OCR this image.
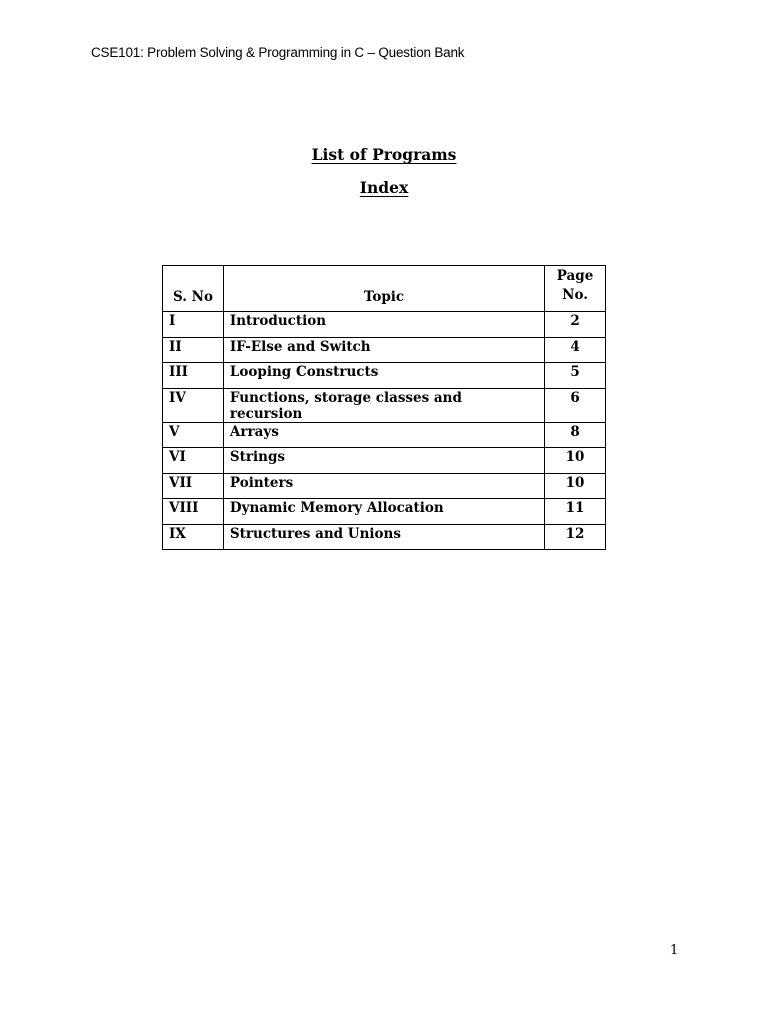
CSE101: Problem Solving & Programming in C – Question Bank
List of Programs
Index
S. No	Topic	Page
No.
I	Introduction	2
II	IF-Else and Switch	4
III	Looping Constructs	5
IV	Functions, storage classes and recursion	6
V	Arrays	8
VI	Strings	10
VII	Pointers	10
VIII	Dynamic Memory Allocation	11
IX	Structures and Unions	12
1
